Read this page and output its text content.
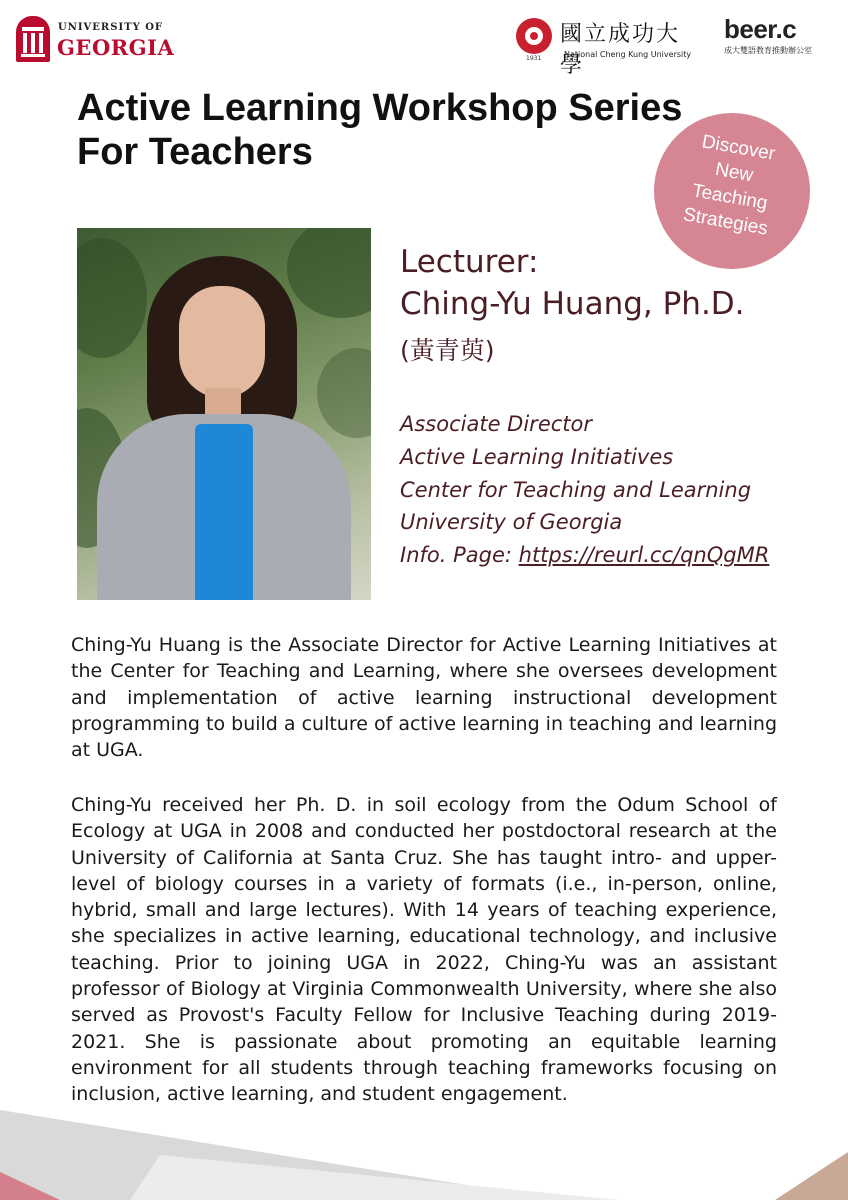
UNIVERSITY OF
GEORGIA	1931
國立成功大學
National Cheng Kung University
beer.c
成大雙語教育推動辦公室
Active Learning Workshop Series
For Teachers	Discover
New
Teaching
Strategies
Lecturer:
Ching-Yu Huang, Ph.D.
(黃青萸)
Associate Director
Active Learning Initiatives
Center for Teaching and Learning
University of Georgia
Info. Page: https://reurl.cc/qnQgMR

Ching-Yu Huang is the Associate Director for Active Learning Initiatives at the Center for Teaching and Learning, where she oversees development and implementation of active learning instructional development programming to build a culture of active learning in teaching and learning at UGA.

Ching-Yu received her Ph. D. in soil ecology from the Odum School of Ecology at UGA in 2008 and conducted her postdoctoral research at the University of California at Santa Cruz. She has taught intro- and upper-level of biology courses in a variety of formats (i.e., in-person, online, hybrid, small and large lectures). With 14 years of teaching experience, she specializes in active learning, educational technology, and inclusive teaching. Prior to joining UGA in 2022, Ching-Yu was an assistant professor of Biology at Virginia Commonwealth University, where she also served as Provost's Faculty Fellow for Inclusive Teaching during 2019-2021. She is passionate about promoting an equitable learning environment for all students through teaching frameworks focusing on inclusion, active learning, and student engagement.
